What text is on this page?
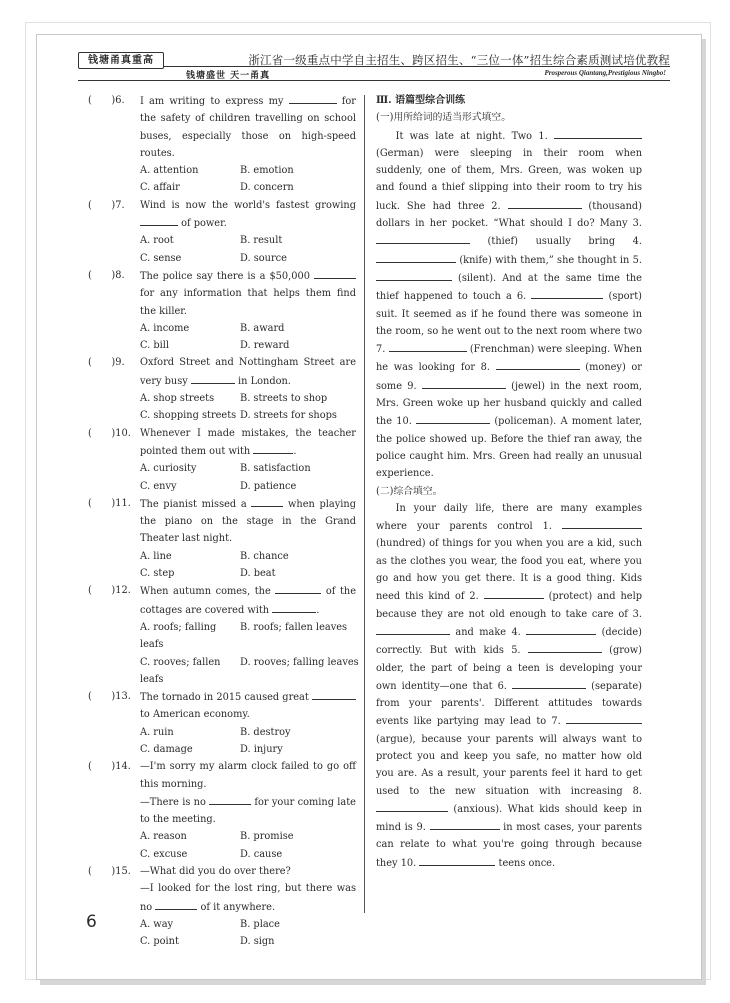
钱塘甬真重高
钱塘盛世 天一甬真
浙江省一级重点中学自主招生、跨区招生、“三位一体”招生综合素质测试培优教程
Prosperous Qiantang,Prestigious Ningbo!
(　　)6.	I am writing to express my	for the safety of children travelling on school buses, especially those on high-speed routes.
A. attention	B. emotion
C. affair	D. concern
(　　)7.	Wind is now the world's fastest growing  of power.
A. root	B. result
C. sense	D. source
(　　)8.	The police say there is a $50,000  for any information that helps them find the killer.
A. income	B. award
C. bill	D. reward
(　　)9.	Oxford Street and Nottingham Street are very busy	in London.
A. shop streets	B. streets to shop
C. shopping streets D. streets for shops
(　　)10. Whenever I made mistakes, the teacher pointed them out with	.
A. curiosity	B. satisfaction
C. envy	D. patience
(　　)11. The pianist missed a	when playing the piano on the stage in the Grand Theater last night.
A. line	B. chance
C. step	D. beat
(　　)12. When autumn comes, the	of the cottages are covered with	.
A. roofs; falling leafs
B. roofs; fallen leaves
C. rooves; fallen leafs
D. rooves; falling leaves
(　　)13. The tornado in 2015 caused great  to American economy.
A. ruin	B. destroy
C. damage	D. injury
(　　)14. —I'm sorry my alarm clock failed to go off this morning.
—There is no	for your coming late to the meeting.
A. reason	B. promise
C. excuse	D. cause
(　　)15. —What did you do over there?
—I looked for the lost ring, but there was no	of it anywhere.
A. way	B. place
C. point	D. sign
Ⅲ. 语篇型综合训练
(一)用所给词的适当形式填空。
It was late at night. Two 1.  (German) were sleeping in their room when suddenly, one of them, Mrs. Green, was woken up and found a thief slipping into their room to try his luck. She had three 2.	(thousand) dollars in her pocket. “What should I do? Many 3.  (thief) usually bring 4.  (knife) with them,” she thought in 5.  (silent). And at the same time the thief happened to touch a 6.	(sport) suit. It seemed as if he found there was someone in the room, so he went out to the next room where two 7.	(Frenchman) were sleeping. When he was looking for 8.	(money) or some 9.	(jewel) in the next room, Mrs. Green woke up her husband quickly and called the 10.	(policeman). A moment later, the police showed up. Before the thief ran away, the police caught him. Mrs. Green had really an unusual experience.
(二)综合填空。
In your daily life, there are many examples where your parents control 1.  (hundred) of things for you when you are a kid, such as the clothes you wear, the food you eat, where you go and how you get there. It is a good thing. Kids need this kind of 2.	(protect) and help because they are not old enough to take care of 3.  and make 4.	(decide) correctly. But with kids 5.	(grow) older, the part of being a teen is developing your own identity—one that 6.	(separate) from your parents'. Different attitudes towards events like partying may lead to 7.  (argue), because your parents will always want to protect you and keep you safe, no matter how old you are. As a result, your parents feel it hard to get used to the new situation with increasing 8.  (anxious). What kids should keep in mind is 9.	in most cases, your parents can relate to what you're going through because they 10.	teens once.
6
